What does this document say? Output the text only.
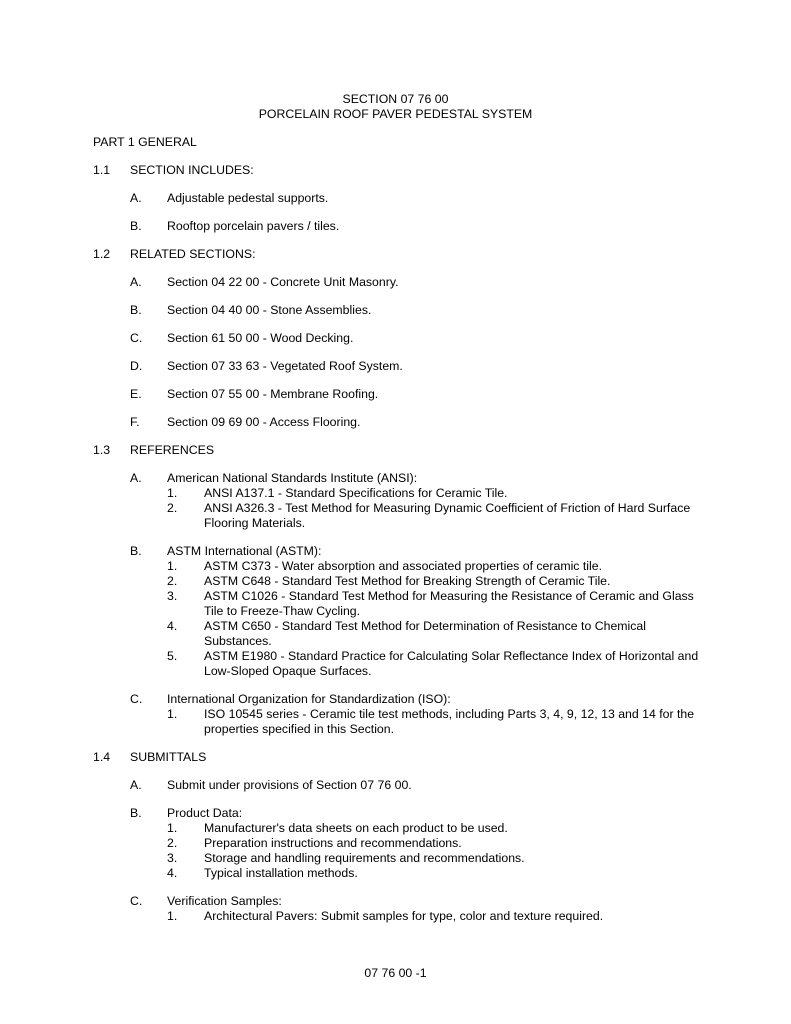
SECTION 07 76 00
PORCELAIN ROOF PAVER PEDESTAL SYSTEM
PART 1 GENERAL
1.1 SECTION INCLUDES:
A. Adjustable pedestal supports.
B. Rooftop porcelain pavers / tiles.
1.2 RELATED SECTIONS:
A. Section 04 22 00 - Concrete Unit Masonry.
B. Section 04 40 00 - Stone Assemblies.
C. Section 61 50 00 - Wood Decking.
D. Section 07 33 63 - Vegetated Roof System.
E. Section 07 55 00 - Membrane Roofing.
F. Section 09 69 00 - Access Flooring.
1.3 REFERENCES
A. American National Standards Institute (ANSI):
1. ANSI A137.1 - Standard Specifications for Ceramic Tile.
2. ANSI A326.3 - Test Method for Measuring Dynamic Coefficient of Friction of Hard Surface Flooring Materials.
B. ASTM International (ASTM):
1. ASTM C373 - Water absorption and associated properties of ceramic tile.
2. ASTM C648 - Standard Test Method for Breaking Strength of Ceramic Tile.
3. ASTM C1026 - Standard Test Method for Measuring the Resistance of Ceramic and Glass Tile to Freeze-Thaw Cycling.
4. ASTM C650 - Standard Test Method for Determination of Resistance to Chemical Substances.
5. ASTM E1980 - Standard Practice for Calculating Solar Reflectance Index of Horizontal and Low-Sloped Opaque Surfaces.
C. International Organization for Standardization (ISO):
1. ISO 10545 series - Ceramic tile test methods, including Parts 3, 4, 9, 12, 13 and 14 for the properties specified in this Section.
1.4 SUBMITTALS
A. Submit under provisions of Section 07 76 00.
B. Product Data:
1. Manufacturer's data sheets on each product to be used.
2. Preparation instructions and recommendations.
3. Storage and handling requirements and recommendations.
4. Typical installation methods.
C. Verification Samples:
1. Architectural Pavers: Submit samples for type, color and texture required.
07 76 00 -1
